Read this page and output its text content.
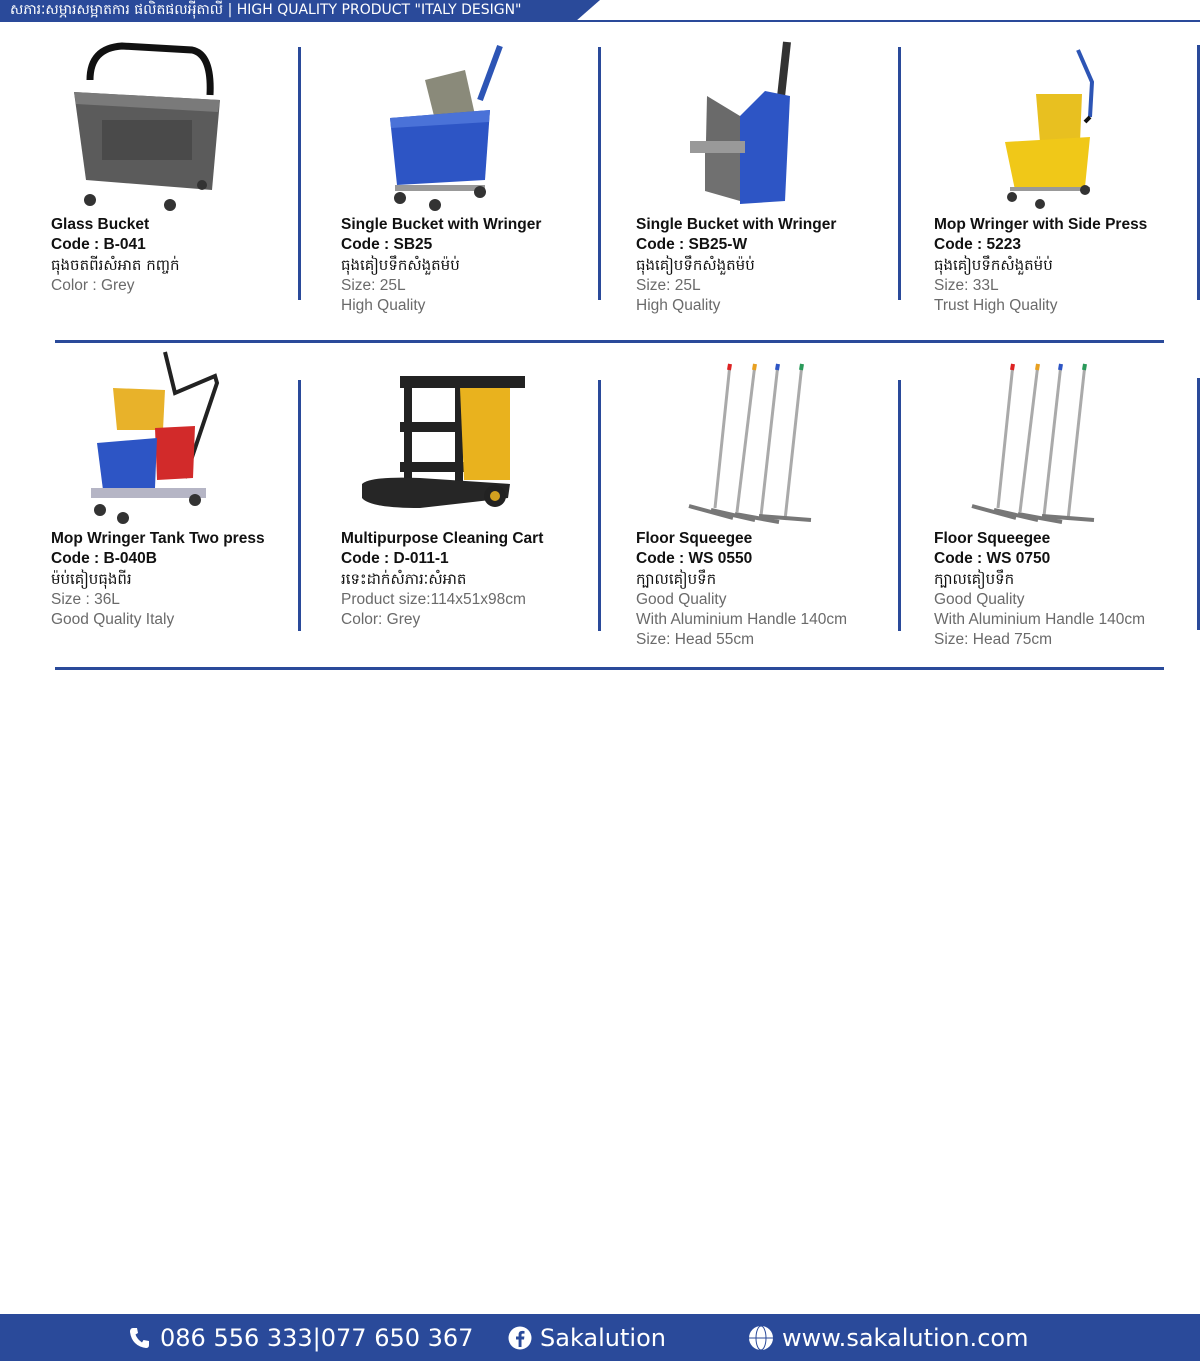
សភារៈសម្ភារសម្អាតការ ផលិតផលអុីតាលី | HIGH QUALITY PRODUCT "ITALY DESIGN"
Glass Bucket
Code : B-041
ធុងចតពីរសំអាត កញ្ចក់
Color : Grey
Single Bucket with Wringer
Code : SB25
ធុងគៀបទឹកសំងួតម៉ប់
Size: 25L
High Quality
Single Bucket with Wringer
Code : SB25-W
ធុងគៀបទឹកសំងួតម៉ប់
Size: 25L
High Quality
Mop Wringer with Side Press
Code : 5223
ធុងគៀបទឹកសំងួតម៉ប់
Size: 33L
Trust High Quality
Mop Wringer Tank Two press
Code : B-040B
ម៉ប់គៀបធុងពីរ
Size : 36L
Good Quality Italy
Multipurpose Cleaning Cart
Code : D-011-1
រទេះដាក់សំភារៈសំអាត
Product size:114x51x98cm
Color: Grey
Floor Squeegee
Code : WS 0550
ក្បាលគៀបទឹក
Good Quality
With Aluminium Handle 140cm
Size: Head 55cm
Floor Squeegee
Code : WS 0750
ក្បាលគៀបទឹក
Good Quality
With Aluminium Handle 140cm
Size: Head 75cm
086 556 333|077 650 367	Sakalution	www.sakalution.com
